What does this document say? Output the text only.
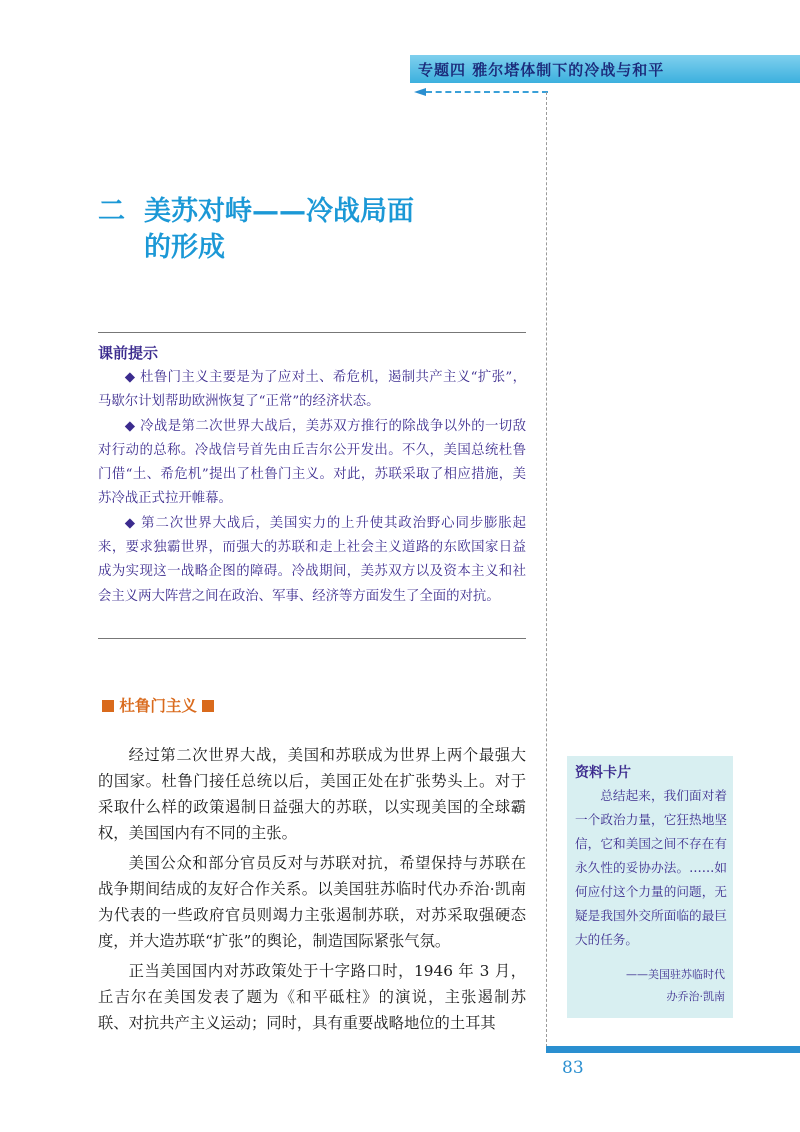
专题四 雅尔塔体制下的冷战与和平
二 美苏对峙——冷战局面
的形成
课前提示

◆ 杜鲁门主义主要是为了应对土、希危机，遏制共产主义“扩张”，马歇尔计划帮助欧洲恢复了“正常”的经济状态。

◆ 冷战是第二次世界大战后，美苏双方推行的除战争以外的一切敌对行动的总称。冷战信号首先由丘吉尔公开发出。不久，美国总统杜鲁门借“土、希危机”提出了杜鲁门主义。对此，苏联采取了相应措施，美苏冷战正式拉开帷幕。

◆ 第二次世界大战后，美国实力的上升使其政治野心同步膨胀起来，要求独霸世界，而强大的苏联和走上社会主义道路的东欧国家日益成为实现这一战略企图的障碍。冷战期间，美苏双方以及资本主义和社会主义两大阵营之间在政治、军事、经济等方面发生了全面的对抗。

杜鲁门主义

经过第二次世界大战，美国和苏联成为世界上两个最强大的国家。杜鲁门接任总统以后，美国正处在扩张势头上。对于采取什么样的政策遏制日益强大的苏联，以实现美国的全球霸权，美国国内有不同的主张。

美国公众和部分官员反对与苏联对抗，希望保持与苏联在战争期间结成的友好合作关系。以美国驻苏临时代办乔治·凯南为代表的一些政府官员则竭力主张遏制苏联，对苏采取强硬态度，并大造苏联“扩张”的舆论，制造国际紧张气氛。

正当美国国内对苏政策处于十字路口时，1946 年 3 月，丘吉尔在美国发表了题为《和平砥柱》的演说，主张遏制苏联、对抗共产主义运动；同时，具有重要战略地位的土耳其

资料卡片

总结起来，我们面对着一个政治力量，它狂热地坚信，它和美国之间不存在有永久性的妥协办法。……如何应付这个力量的问题，无疑是我国外交所面临的最巨大的任务。

——美国驻苏临时代
办乔治·凯南
83
